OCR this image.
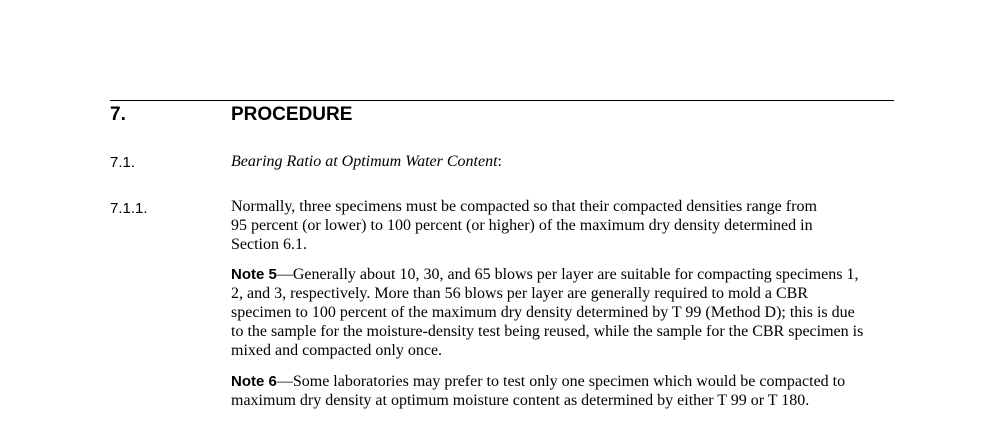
7.	PROCEDURE
7.1.	Bearing Ratio at Optimum Water Content:
7.1.1.	Normally, three specimens must be compacted so that their compacted densities range from
95 percent (or lower) to 100 percent (or higher) of the maximum dry density determined in
Section 6.1.
Note 5—Generally about 10, 30, and 65 blows per layer are suitable for compacting specimens 1,
2, and 3, respectively. More than 56 blows per layer are generally required to mold a CBR
specimen to 100 percent of the maximum dry density determined by T 99 (Method D); this is due
to the sample for the moisture-density test being reused, while the sample for the CBR specimen is
mixed and compacted only once.
Note 6—Some laboratories may prefer to test only one specimen which would be compacted to
maximum dry density at optimum moisture content as determined by either T 99 or T 180.
